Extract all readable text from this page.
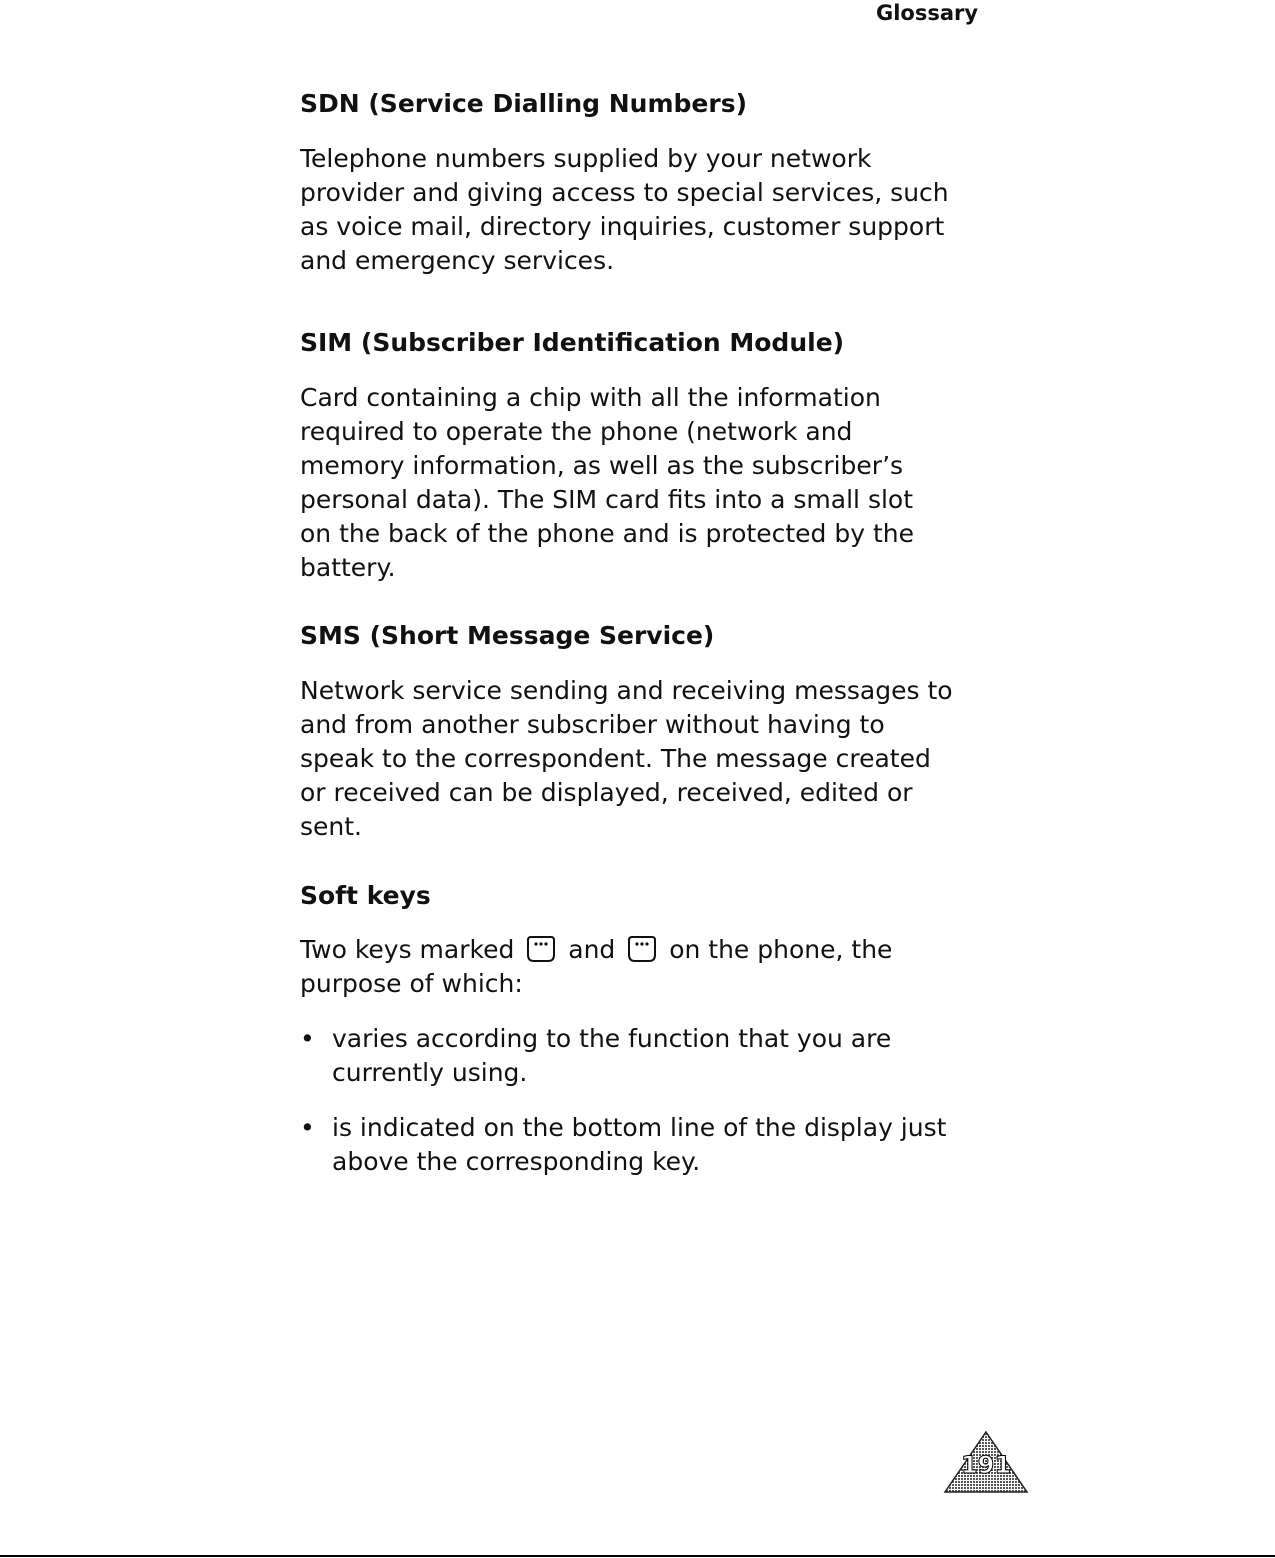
Glossary
SDN (Service Dialling Numbers)

Telephone numbers supplied by your network
provider and giving access to special services, such
as voice mail, directory inquiries, customer support
and emergency services.

SIM (Subscriber Identification Module)

Card containing a chip with all the information
required to operate the phone (network and
memory information, as well as the subscriber’s
personal data). The SIM card fits into a small slot
on the back of the phone and is protected by the
battery.

SMS (Short Message Service)

Network service sending and receiving messages to
and from another subscriber without having to
speak to the correspondent. The message created
or received can be displayed, received, edited or
sent.

Soft keys

Two keys marked and on the phone, the
purpose of which:

• varies according to the function that you are
currently using.
• is indicated on the bottom line of the display just
above the corresponding key.
191
